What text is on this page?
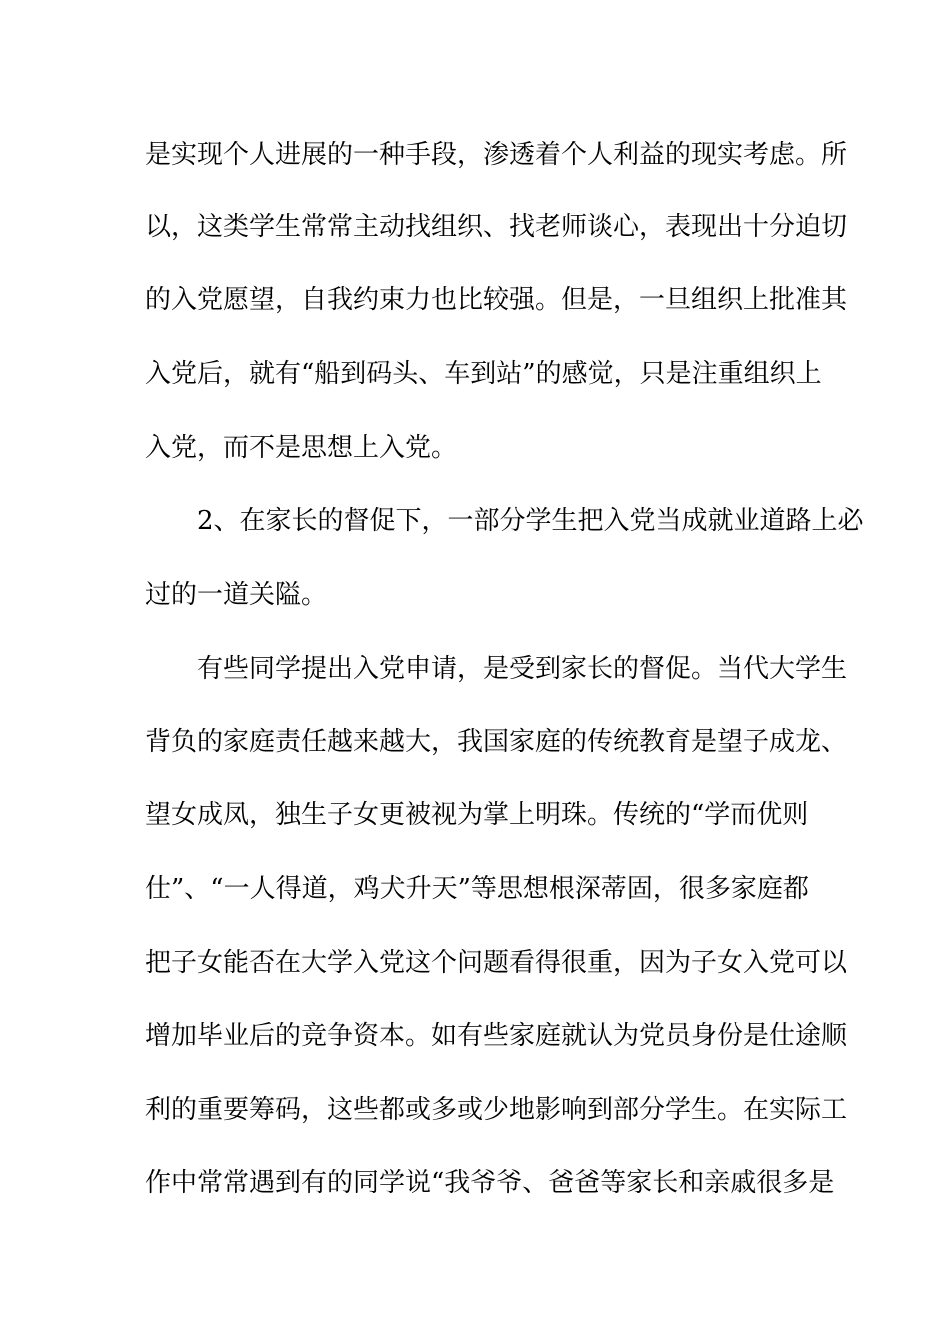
是实现个人进展的一种手段，渗透着个人利益的现实考虑。所
以，这类学生常常主动找组织、找老师谈心，表现出十分迫切
的入党愿望，自我约束力也比较强。但是，一旦组织上批准其
入党后，就有“船到码头、车到站”的感觉，只是注重组织上
入党，而不是思想上入党。
2、在家长的督促下，一部分学生把入党当成就业道路上必
过的一道关隘。
有些同学提出入党申请，是受到家长的督促。当代大学生
背负的家庭责任越来越大，我国家庭的传统教育是望子成龙、
望女成凤，独生子女更被视为掌上明珠。传统的“学而优则
仕”、“一人得道，鸡犬升天”等思想根深蒂固，很多家庭都
把子女能否在大学入党这个问题看得很重，因为子女入党可以
增加毕业后的竞争资本。如有些家庭就认为党员身份是仕途顺
利的重要筹码，这些都或多或少地影响到部分学生。在实际工
作中常常遇到有的同学说“我爷爷、爸爸等家长和亲戚很多是
